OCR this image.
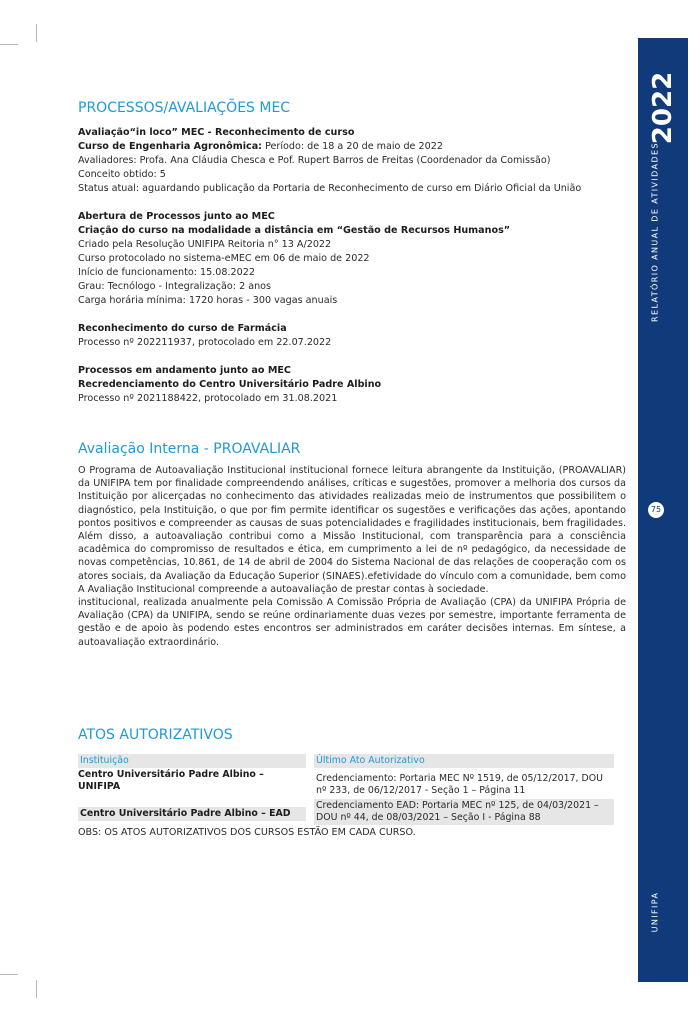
2022
RELATÓRIO ANUAL DE ATIVIDADES
75
UNIFIPA
PROCESSOS/AVALIAÇÕES MEC
Avaliação“in loco” MEC - Reconhecimento de curso
Curso de Engenharia Agronômica: Período: de 18 a 20 de maio de 2022
Avaliadores: Profa. Ana Cláudia Chesca e Pof. Rupert Barros de Freitas (Coordenador da Comissão)
Conceito obtido: 5
Status atual: aguardando publicação da Portaria de Reconhecimento de curso em Diário Oficial da União
Abertura de Processos junto ao MEC
Criação do curso na modalidade a distância em “Gestão de Recursos Humanos”
Criado pela Resolução UNIFIPA Reitoria n° 13 A/2022
Curso protocolado no sistema-eMEC em 06 de maio de 2022
Início de funcionamento: 15.08.2022
Grau: Tecnólogo - Integralização: 2 anos
Carga horária mínima: 1720 horas - 300 vagas anuais
Reconhecimento do curso de Farmácia
Processo nº 202211937, protocolado em 22.07.2022
Processos em andamento junto ao MEC
Recredenciamento do Centro Universitário Padre Albino
Processo nº 2021188422, protocolado em 31.08.2021
Avaliação Interna - PROAVALIAR
O Programa de Autoavaliação Institucional institucional fornece leitura abrangente da Instituição, (PROAVALIAR) da UNIFIPA tem por finalidade compreendendo análises, críticas e sugestões, promover a melhoria dos cursos da Instituição por alicerçadas no conhecimento das atividades realizadas meio de instrumentos que possibilitem o diagnóstico, pela Instituição, o que por fim permite identificar os sugestões e verificações das ações, apontando pontos positivos e compreender as causas de suas potencialidades e fragilidades institucionais, bem fragilidades. Além disso, a autoavaliação contribui como a Missão Institucional, com transparência para a consciência acadêmica do compromisso de resultados e ética, em cumprimento a lei de nº pedagógico, da necessidade de novas competências, 10.861, de 14 de abril de 2004 do Sistema Nacional de das relações de cooperação com os atores sociais, da Avaliação da Educação Superior (SINAES).efetividade do vínculo com a comunidade, bem como A Avaliação Institucional compreende a autoavaliação de prestar contas à sociedade.
institucional, realizada anualmente pela Comissão A Comissão Própria de Avaliação (CPA) da UNIFIPA Própria de Avaliação (CPA) da UNIFIPA, sendo se reúne ordinariamente duas vezes por semestre, importante ferramenta de gestão e de apoio às podendo estes encontros ser administrados em caráter decisões internas. Em síntese, a autoavaliação extraordinário.
ATOS AUTORIZATIVOS
Instituição
Centro Universitário Padre Albino – UNIFIPA
Centro Universitário Padre Albino – EAD
Último Ato Autorizativo
Credenciamento: Portaria MEC Nº 1519, de 05/12/2017, DOU nº 233, de 06/12/2017 - Seção 1 – Página 11
Credenciamento EAD: Portaria MEC nº 125, de 04/03/2021 – DOU nº 44, de 08/03/2021 – Seção I - Página 88
OBS: OS ATOS AUTORIZATIVOS DOS CURSOS ESTÃO EM CADA CURSO.
